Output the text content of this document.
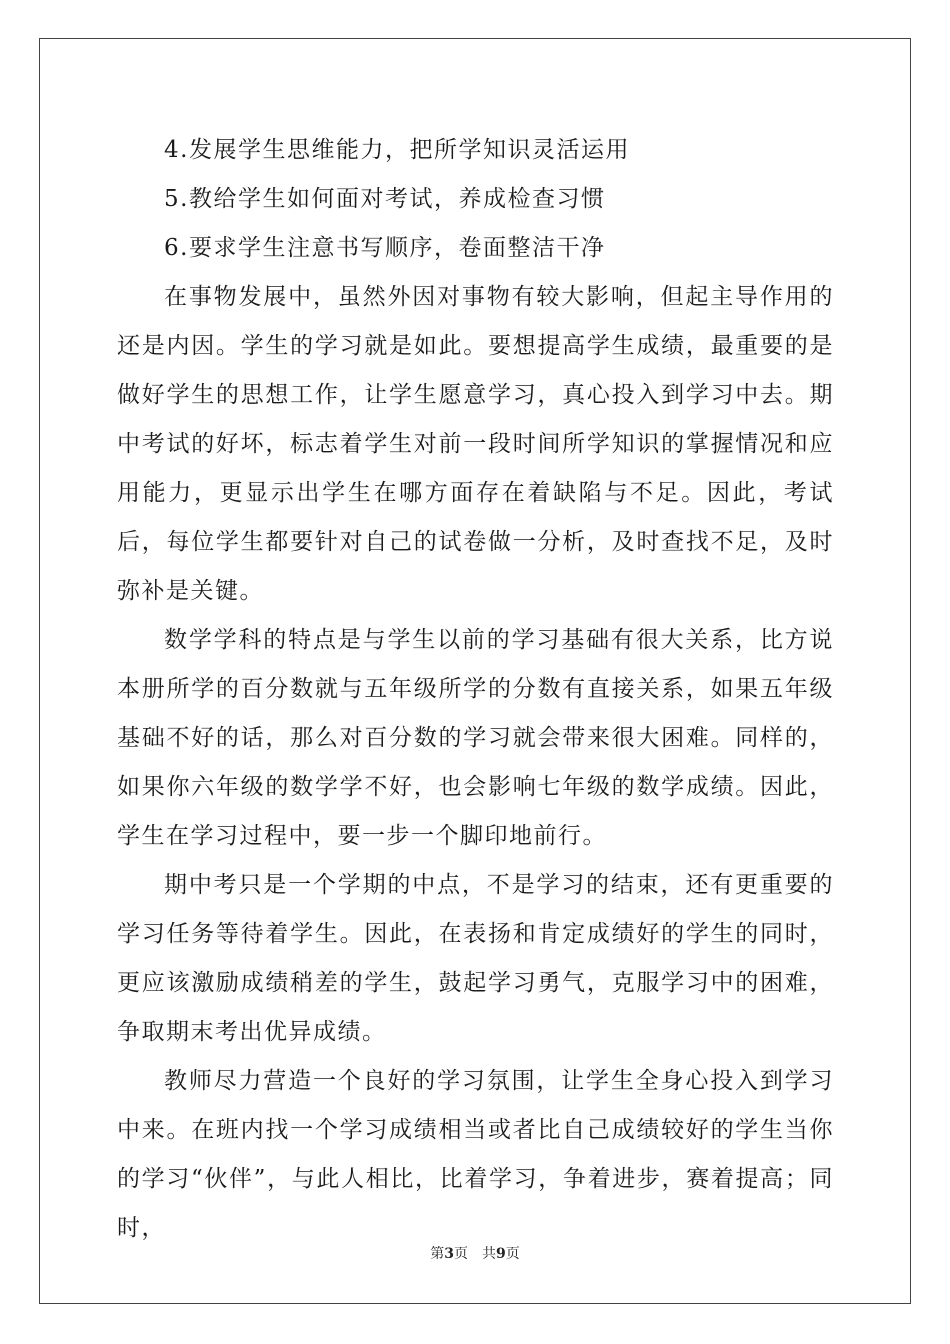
4.发展学生思维能力，把所学知识灵活运用

5.教给学生如何面对考试，养成检查习惯

6.要求学生注意书写顺序，卷面整洁干净

在事物发展中，虽然外因对事物有较大影响，但起主导作用的还是内因。学生的学习就是如此。要想提高学生成绩，最重要的是做好学生的思想工作，让学生愿意学习，真心投入到学习中去。期中考试的好坏，标志着学生对前一段时间所学知识的掌握情况和应用能力，更显示出学生在哪方面存在着缺陷与不足。因此，考试后，每位学生都要针对自己的试卷做一分析，及时查找不足，及时弥补是关键。

数学学科的特点是与学生以前的学习基础有很大关系，比方说本册所学的百分数就与五年级所学的分数有直接关系，如果五年级基础不好的话，那么对百分数的学习就会带来很大困难。同样的，如果你六年级的数学学不好，也会影响七年级的数学成绩。因此，学生在学习过程中，要一步一个脚印地前行。

期中考只是一个学期的中点，不是学习的结束，还有更重要的学习任务等待着学生。因此，在表扬和肯定成绩好的学生的同时，更应该激励成绩稍差的学生，鼓起学习勇气，克服学习中的困难，争取期末考出优异成绩。

教师尽力营造一个良好的学习氛围，让学生全身心投入到学习中来。在班内找一个学习成绩相当或者比自己成绩较好的学生当你的学习“伙伴”，与此人相比，比着学习，争着进步，赛着提高；同时，

第3页 共9页
